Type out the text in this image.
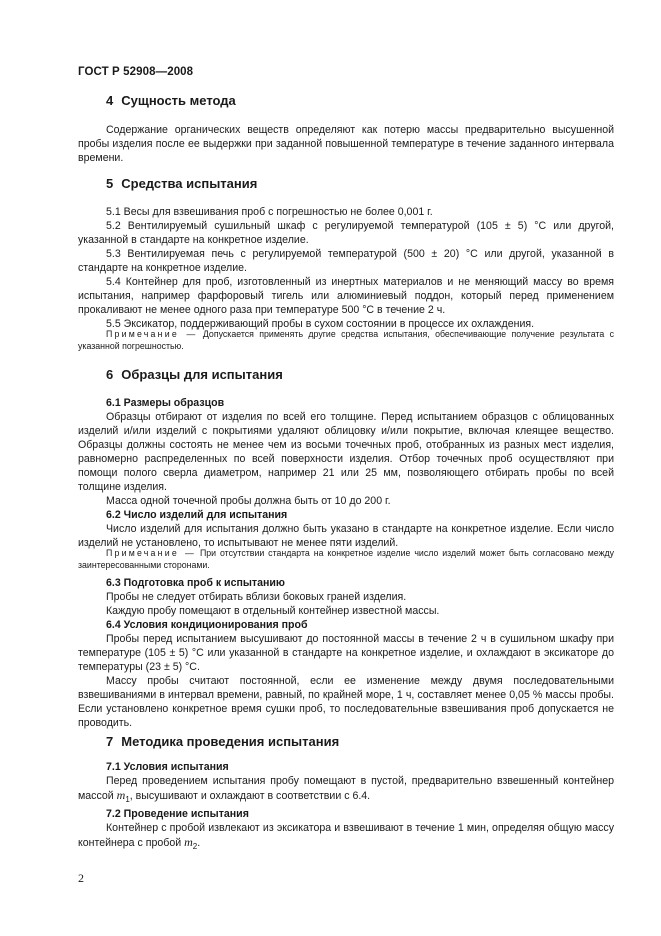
ГОСТ Р 52908—2008
4 Сущность метода

Содержание органических веществ определяют как потерю массы предварительно высушенной пробы изделия после ее выдержки при заданной повышенной температуре в течение заданного интервала времени.

5 Средства испытания

5.1 Весы для взвешивания проб с погрешностью не более 0,001 г.

5.2 Вентилируемый сушильный шкаф с регулируемой температурой (105 ± 5) °С или другой, указанной в стандарте на конкретное изделие.

5.3 Вентилируемая печь с регулируемой температурой (500 ± 20) °С или другой, указанной в стандарте на конкретное изделие.

5.4 Контейнер для проб, изготовленный из инертных материалов и не меняющий массу во время испытания, например фарфоровый тигель или алюминиевый поддон, который перед применением прокаливают не менее одного раза при температуре 500 °С в течение 2 ч.

5.5 Эксикатор, поддерживающий пробы в сухом состоянии в процессе их охлаждения.

Примечание — Допускается применять другие средства испытания, обеспечивающие получение результата с указанной погрешностью.

6 Образцы для испытания

6.1 Размеры образцов

Образцы отбирают от изделия по всей его толщине. Перед испытанием образцов с облицованных изделий и/или изделий с покрытиями удаляют облицовку и/или покрытие, включая клеящее вещество. Образцы должны состоять не менее чем из восьми точечных проб, отобранных из разных мест изделия, равномерно распределенных по всей поверхности изделия. Отбор точечных проб осуществляют при помощи полого сверла диаметром, например 21 или 25 мм, позволяющего отбирать пробы по всей толщине изделия.

Масса одной точечной пробы должна быть от 10 до 200 г.

6.2 Число изделий для испытания

Число изделий для испытания должно быть указано в стандарте на конкретное изделие. Если число изделий не установлено, то испытывают не менее пяти изделий.

Примечание — При отсутствии стандарта на конкретное изделие число изделий может быть согласовано между заинтересованными сторонами.

6.3 Подготовка проб к испытанию

Пробы не следует отбирать вблизи боковых граней изделия.

Каждую пробу помещают в отдельный контейнер известной массы.

6.4 Условия кондиционирования проб

Пробы перед испытанием высушивают до постоянной массы в течение 2 ч в сушильном шкафу при температуре (105 ± 5) °С или указанной в стандарте на конкретное изделие, и охлаждают в эксикаторе до температуры (23 ± 5) °С.

Массу пробы считают постоянной, если ее изменение между двумя последовательными взвешиваниями в интервал времени, равный, по крайней море, 1 ч, составляет менее 0,05 % массы пробы. Если установлено конкретное время сушки проб, то последовательные взвешивания проб допускается не проводить.

7 Методика проведения испытания

7.1 Условия испытания

Перед проведением испытания пробу помещают в пустой, предварительно взвешенный контейнер массой $m_1$, высушивают и охлаждают в соответствии с 6.4.

7.2 Проведение испытания

Контейнер с пробой извлекают из эксикатора и взвешивают в течение 1 мин, определяя общую массу контейнера с пробой $m_2$.

2
